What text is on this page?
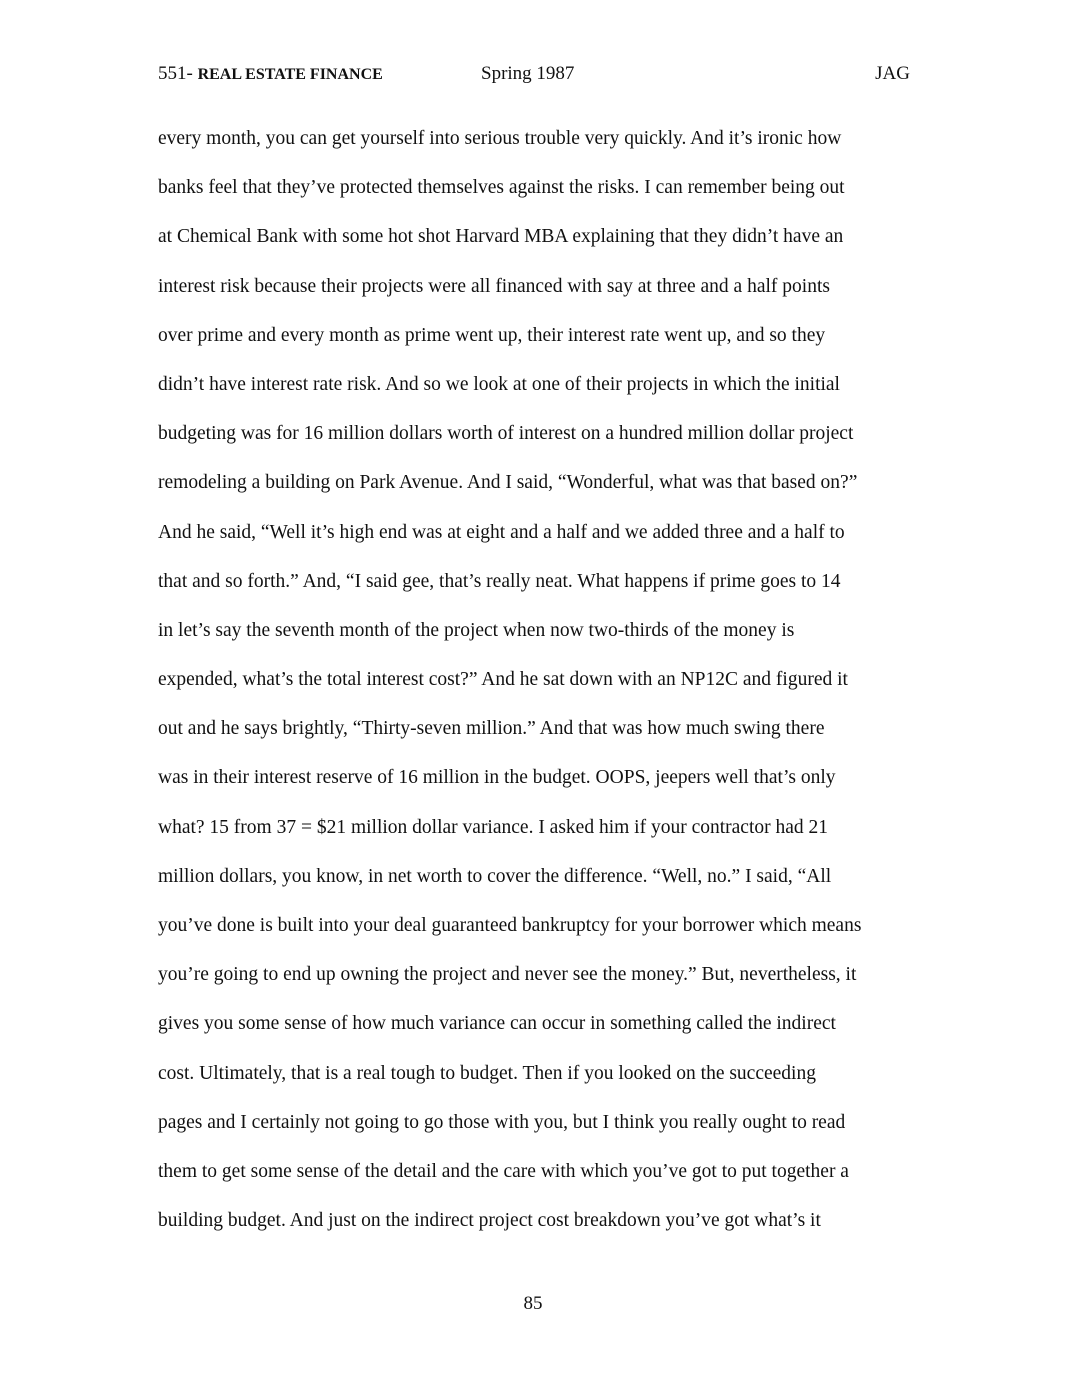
551- REAL ESTATE FINANCE	Spring 1987	JAG
every month, you can get yourself into serious trouble very quickly. And it’s ironic how
banks feel that they’ve protected themselves against the risks. I can remember being out
at Chemical Bank with some hot shot Harvard MBA explaining that they didn’t have an
interest risk because their projects were all financed with say at three and a half points
over prime and every month as prime went up, their interest rate went up, and so they
didn’t have interest rate risk. And so we look at one of their projects in which the initial
budgeting was for 16 million dollars worth of interest on a hundred million dollar project
remodeling a building on Park Avenue. And I said, “Wonderful, what was that based on?”
And he said, “Well it’s high end was at eight and a half and we added three and a half to
that and so forth.” And, “I said gee, that’s really neat. What happens if prime goes to 14
in let’s say the seventh month of the project when now two-thirds of the money is
expended, what’s the total interest cost?” And he sat down with an NP12C and figured it
out and he says brightly, “Thirty-seven million.” And that was how much swing there
was in their interest reserve of 16 million in the budget. OOPS, jeepers well that’s only
what? 15 from 37 = $21 million dollar variance. I asked him if your contractor had 21
million dollars, you know, in net worth to cover the difference. “Well, no.” I said, “All
you’ve done is built into your deal guaranteed bankruptcy for your borrower which means
you’re going to end up owning the project and never see the money.” But, nevertheless, it
gives you some sense of how much variance can occur in something called the indirect
cost. Ultimately, that is a real tough to budget. Then if you looked on the succeeding
pages and I certainly not going to go those with you, but I think you really ought to read
them to get some sense of the detail and the care with which you’ve got to put together a
building budget. And just on the indirect project cost breakdown you’ve got what’s it
85
